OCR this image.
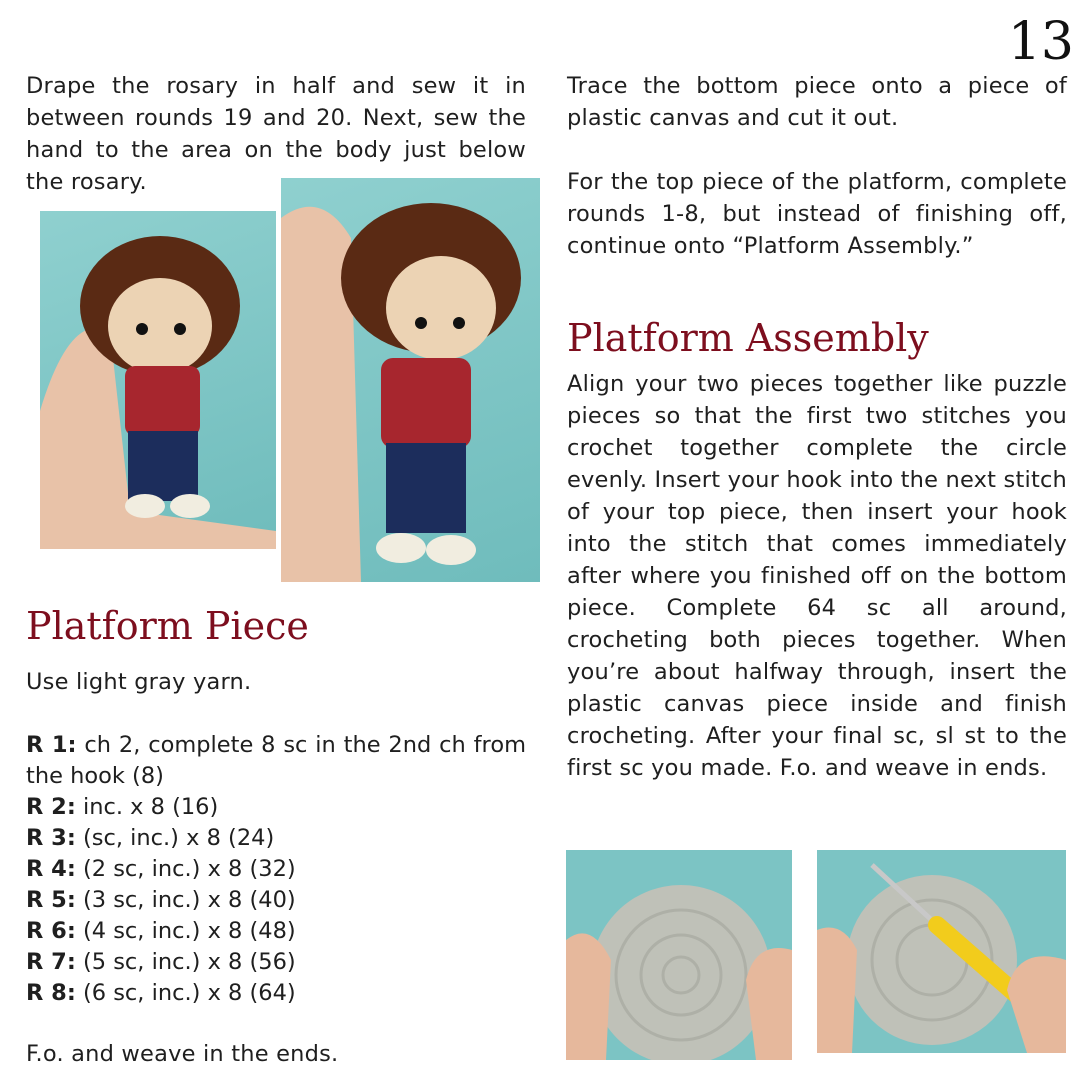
13
Drape the rosary in half and sew it in between rounds 19 and 20. Next, sew the hand to the area on the body just below the rosary.
Platform Piece
Use light gray yarn.
R 1: ch 2, complete 8 sc in the 2nd ch from the hook (8)
R 2: inc. x 8 (16)
R 3: (sc, inc.) x 8 (24)
R 4: (2 sc, inc.) x 8 (32)
R 5: (3 sc, inc.) x 8 (40)
R 6: (4 sc, inc.) x 8 (48)
R 7: (5 sc, inc.) x 8 (56)
R 8: (6 sc, inc.) x 8 (64)
F.o. and weave in the ends.
Trace the bottom piece onto a piece of plastic canvas and cut it out.
For the top piece of the platform, complete rounds 1-8, but instead of finishing off, continue onto “Platform Assembly.”
Platform Assembly
Align your two pieces together like puzzle pieces so that the first two stitches you crochet together complete the circle evenly. Insert your hook into the next stitch of your top piece, then insert your hook into the stitch that comes immediately after where you finished off on the bottom piece. Complete 64 sc all around, crocheting both pieces together. When you’re about halfway through, insert the plastic canvas piece inside and finish crocheting. After your final sc, sl st to the first sc you made. F.o. and weave in ends.
